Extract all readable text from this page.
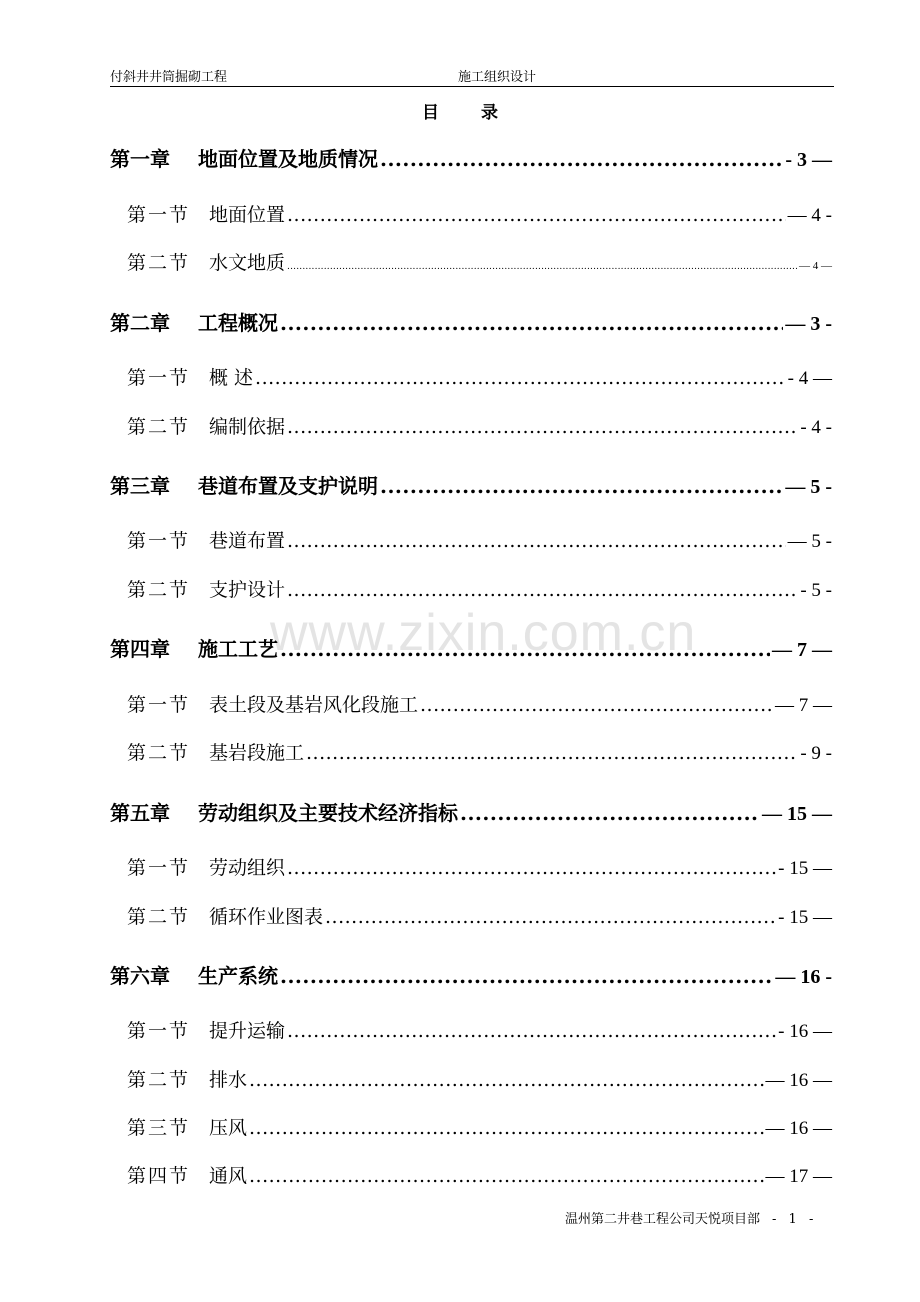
付斜井井筒掘砌工程	施工组织设计
目录
www.zixin.com.cn
第一章 地面位置及地质情况 .....	- 3 —
第一节 地面位置 .....	— 4 -
第二节 水文地质 .....	— 4 —
第二章 工程概况 .....	— 3 -
第一节 概 述 .....	- 4 —
第二节 编制依据 .....	- 4 -
第三章 巷道布置及支护说明 .....	— 5 -
第一节 巷道布置 .....	— 5 -
第二节 支护设计 .....	- 5 -
第四章 施工工艺 .....	— 7 —
第一节 表土段及基岩风化段施工 .....	— 7 —
第二节 基岩段施工 .....	- 9 -
第五章 劳动组织及主要技术经济指标 .....	— 15 —
第一节 劳动组织 .....	- 15 —
第二节 循环作业图表 .....	- 15 —
第六章 生产系统 .....	— 16 -
第一节 提升运输 .....	- 16 —
第二节 排水 .....	— 16 —
第三节 压风 .....	— 16 —
第四节 通风 .....	— 17 —
温州第二井巷工程公司天悦项目部 - 1 -
